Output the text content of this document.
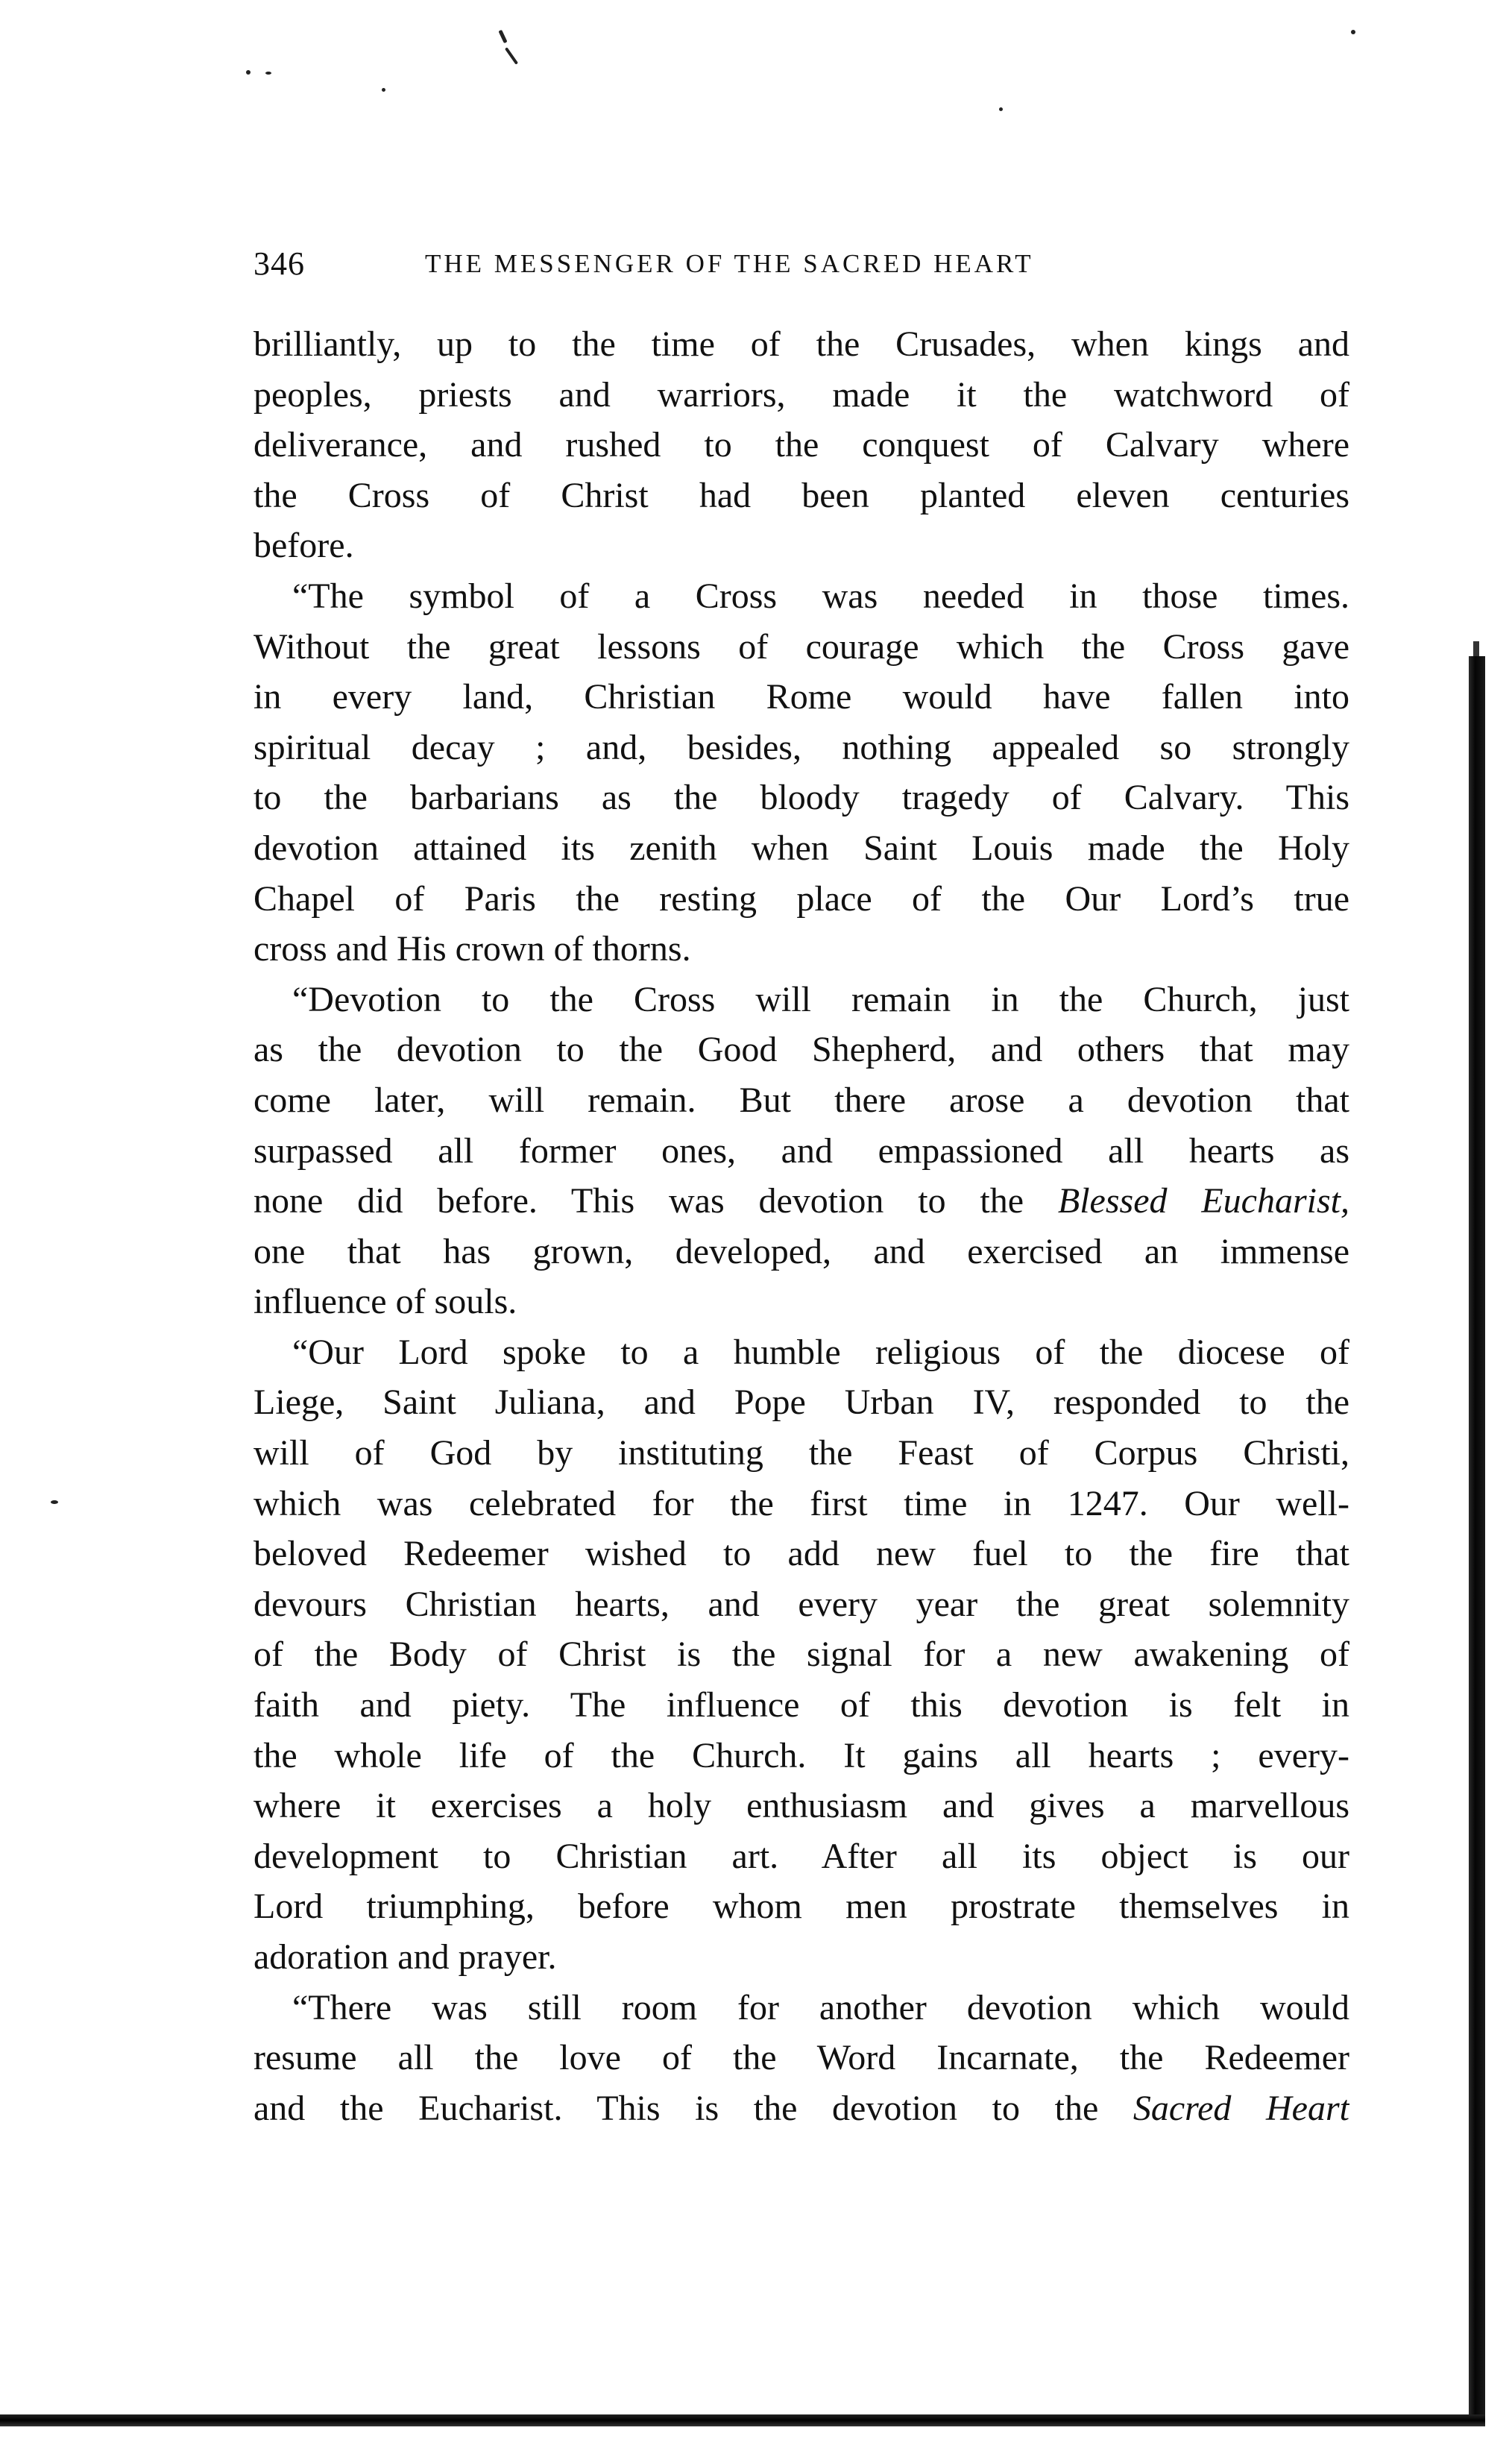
346	THE MESSENGER OF THE SACRED HEART
brilliantly, up to the time of the Crusades, when kings and
peoples, priests and warriors, made it the watchword of
deliverance, and rushed to the conquest of Calvary where
the Cross of Christ had been planted eleven centuries
before.
“The symbol of a Cross was needed in those times.
Without the great lessons of courage which the Cross gave
in every land, Christian Rome would have fallen into
spiritual decay ; and, besides, nothing appealed so strongly
to the barbarians as the bloody tragedy of Calvary. This
devotion attained its zenith when Saint Louis made the Holy
Chapel of Paris the resting place of the Our Lord’s true
cross and His crown of thorns.
“Devotion to the Cross will remain in the Church, just
as the devotion to the Good Shepherd, and others that may
come later, will remain. But there arose a devotion that
surpassed all former ones, and empassioned all hearts as
none did before. This was devotion to the Blessed Eucharist,
one that has grown, developed, and exercised an immense
influence of souls.
“Our Lord spoke to a humble religious of the diocese of
Liege, Saint Juliana, and Pope Urban IV, responded to the
will of God by instituting the Feast of Corpus Christi,
which was celebrated for the first time in 1247. Our well-
beloved Redeemer wished to add new fuel to the fire that
devours Christian hearts, and every year the great solemnity
of the Body of Christ is the signal for a new awakening of
faith and piety. The influence of this devotion is felt in
the whole life of the Church. It gains all hearts ; every-
where it exercises a holy enthusiasm and gives a marvellous
development to Christian art. After all its object is our
Lord triumphing, before whom men prostrate themselves in
adoration and prayer.
“There was still room for another devotion which would
resume all the love of the Word Incarnate, the Redeemer
and the Eucharist. This is the devotion to the Sacred Heart
